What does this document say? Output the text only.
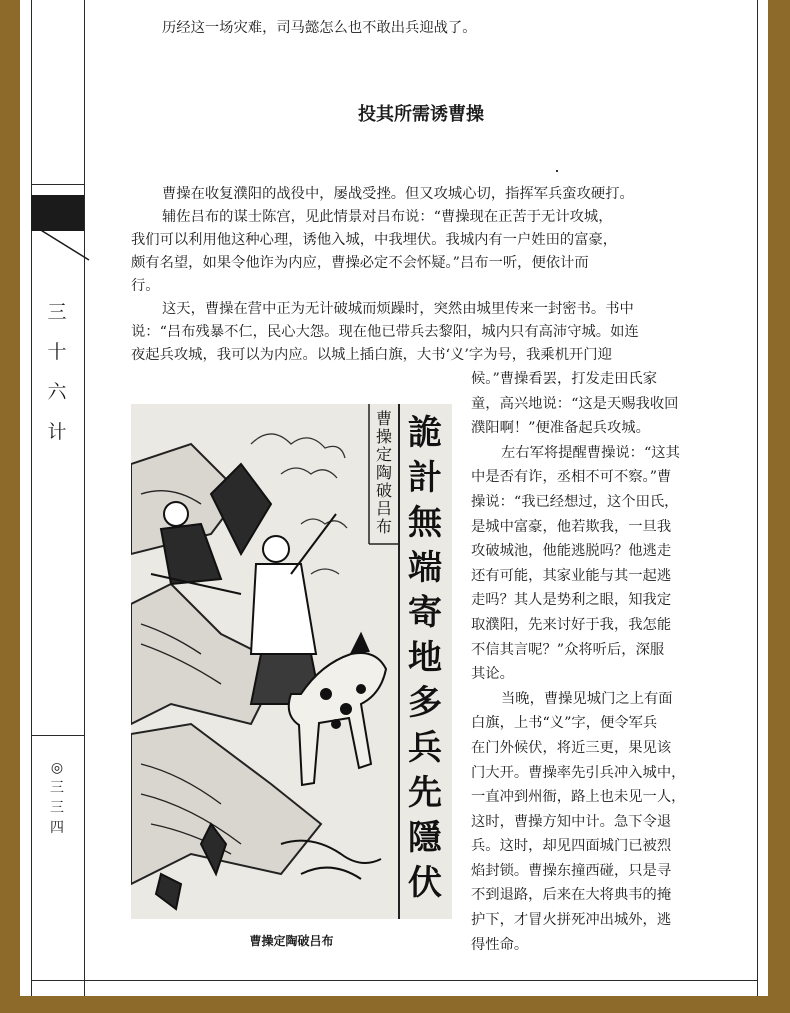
三
十
六
计
◎
三
三
四

历经这一场灾难，司马懿怎么也不敢出兵迎战了。

投其所需诱曹操
曹操在收复濮阳的战役中，屡战受挫。但又攻城心切，指挥军兵蛮攻硬打。
辅佐吕布的谋士陈宫，见此情景对吕布说：“曹操现在正苦于无计攻城，
我们可以利用他这种心理，诱他入城，中我埋伏。我城内有一户姓田的富豪，
颇有名望，如果令他诈为内应，曹操必定不会怀疑。”吕布一听，便依计而
行。
这天，曹操在营中正为无计破城而烦躁时，突然由城里传来一封密书。书中
说：“吕布残暴不仁，民心大怨。现在他已带兵去黎阳，城内只有高沛守城。如连
夜起兵攻城，我可以为内应。以城上插白旗，大书‘义’字为号，我乘机开门迎
候。”曹操看罢，打发走田氏家
童，高兴地说：“这是天赐我收回
濮阳啊！”便准备起兵攻城。
左右军将提醒曹操说：“这其
中是否有诈，丞相不可不察。”曹
操说：“我已经想过，这个田氏，
是城中富豪，他若欺我，一旦我
攻破城池，他能逃脱吗？他逃走
还有可能，其家业能与其一起逃
走吗？其人是势利之眼，知我定
取濮阳，先来讨好于我，我怎能
不信其言呢？”众将听后，深服
其论。
当晚，曹操见城门之上有面
白旗，上书“义”字，便令军兵
在门外候伏，将近三更，果见该
门大开。曹操率先引兵冲入城中，
一直冲到州衙，路上也未见一人，
这时，曹操方知中计。急下令退
兵。这时，却见四面城门已被烈
焰封锁。曹操东撞西碰，只是寻
不到退路，后来在大将典韦的掩
护下，才冒火拼死冲出城外，逃
得性命。
詭
計
無
端
寄
地
多
兵
先
隱
伏
曹
操
定
陶
破
吕
布
曹操定陶破吕布
